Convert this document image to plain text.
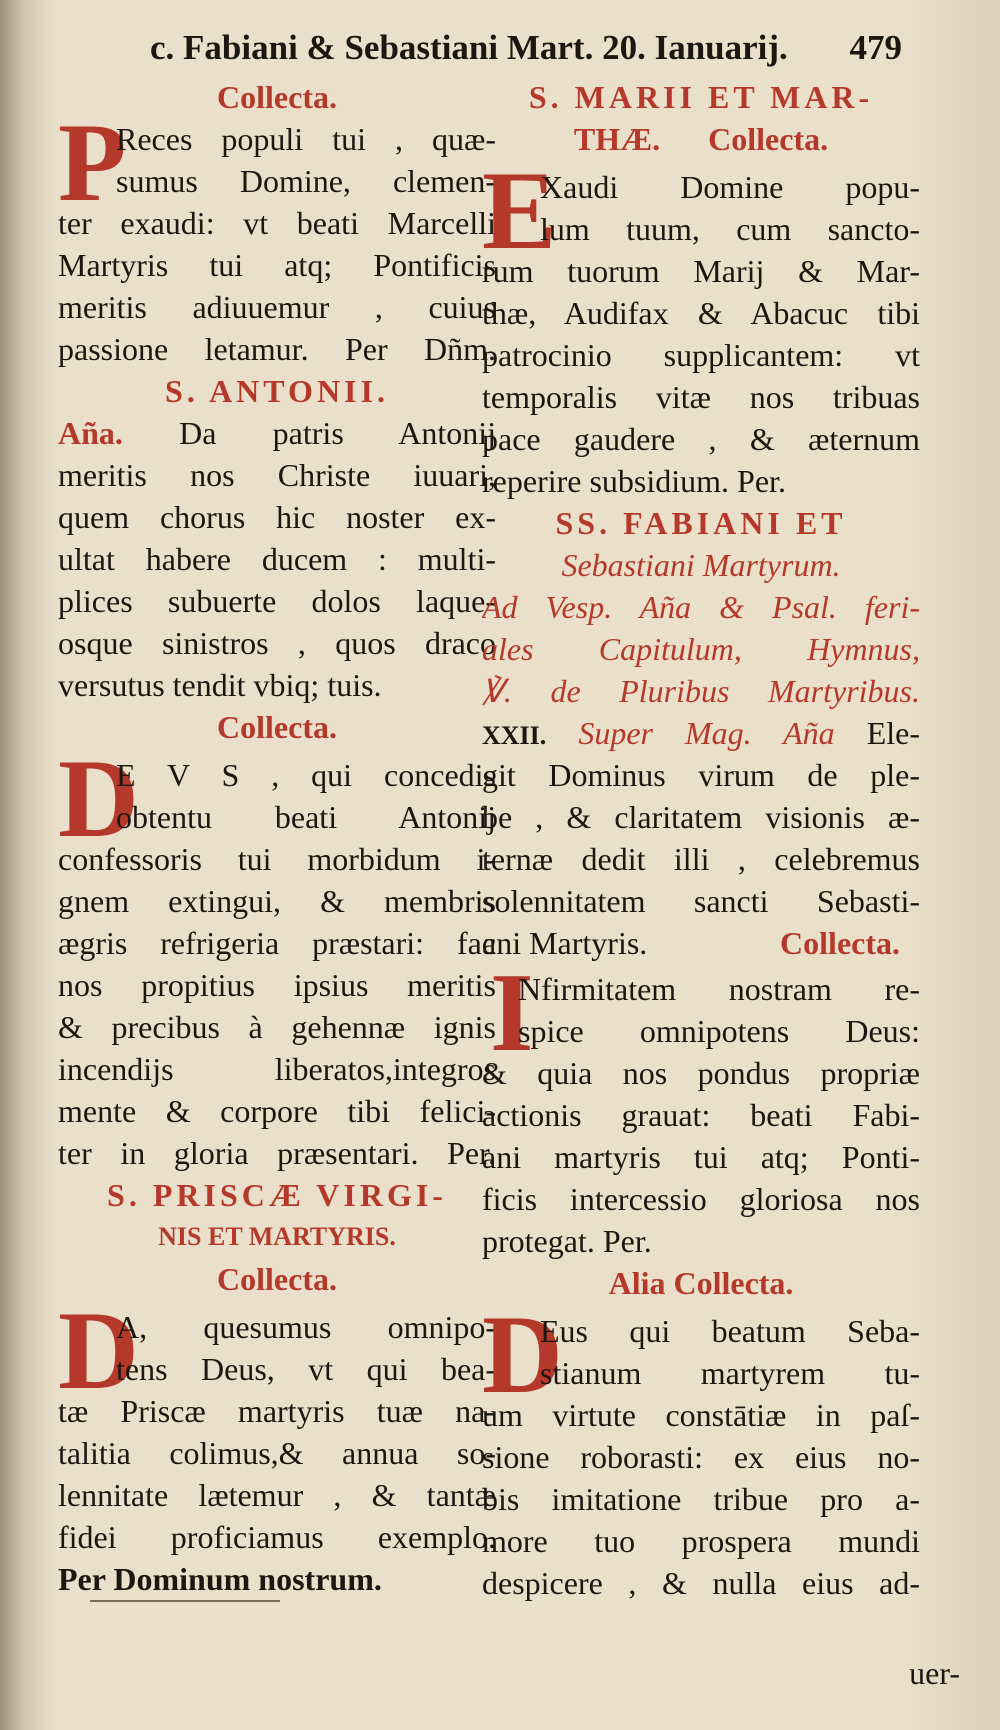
c. Fabiani & Sebastiani Mart. 20. Ianuarij. 479
Collecta.
P
Reces populi tui , quæ-
sumus Domine, clemen-
ter exaudi: vt beati Marcelli
Martyris tui atq; Pontificis
meritis adiuuemur , cuius
passione letamur. Per Dñm.
S. ANTONII.
Aña. Da patris Antonij
meritis nos Christe iuuari,
quem chorus hic noster ex-
ultat habere ducem : multi-
plices subuerte dolos laque-
osque sinistros , quos draco
versutus tendit vbiq; tuis.
Collecta.
D
E V S , qui concedis
obtentu beati Antonij
confessoris tui morbidum i-
gnem extingui, & membris
ægris refrigeria præstari: fac
nos propitius ipsius meritis
& precibus à gehennæ ignis
incendijs liberatos,integros
mente & corpore tibi felici-
ter in gloria præsentari. Per.
S. PRISCÆ VIRGI-
NIS ET MARTYRIS.
Collecta.
D
A, quesumus omnipo-
tens Deus, vt qui bea-
tæ Priscæ martyris tuæ na-
talitia colimus,& annua so-
lennitate lætemur , & tantæ
fidei proficiamus exemplo.
Per Dominum nostrum.
S. MARII ET MAR-
THÆ. Collecta.
E
Xaudi Domine popu-
lum tuum, cum sancto-
rum tuorum Marij & Mar-
thæ, Audifax & Abacuc tibi
patrocinio supplicantem: vt
temporalis vitæ nos tribuas
pace gaudere , & æternum
reperire subsidium. Per.
SS. FABIANI ET
Sebastiani Martyrum.
Ad Vesp. Aña & Psal. feri-
ales Capitulum, Hymnus,
℣. de Pluribus Martyribus.
XXII. Super Mag. Aña Ele-
git Dominus virum de ple-
be , & claritatem visionis æ-
ternæ dedit illi , celebremus
solennitatem sancti Sebasti-
ani Martyris.	Collecta.
I
Nfirmitatem nostram re-
spice omnipotens Deus:
& quia nos pondus propriæ
actionis grauat: beati Fabi-
ani martyris tui atq; Ponti-
ficis intercessio gloriosa nos
protegat. Per.
Alia Collecta.
D
Eus qui beatum Seba-
stianum martyrem tu-
um virtute constātiæ in paſ-
sione roborasti: ex eius no-
bis imitatione tribue pro a-
more tuo prospera mundi
despicere , & nulla eius ad-
uer-
